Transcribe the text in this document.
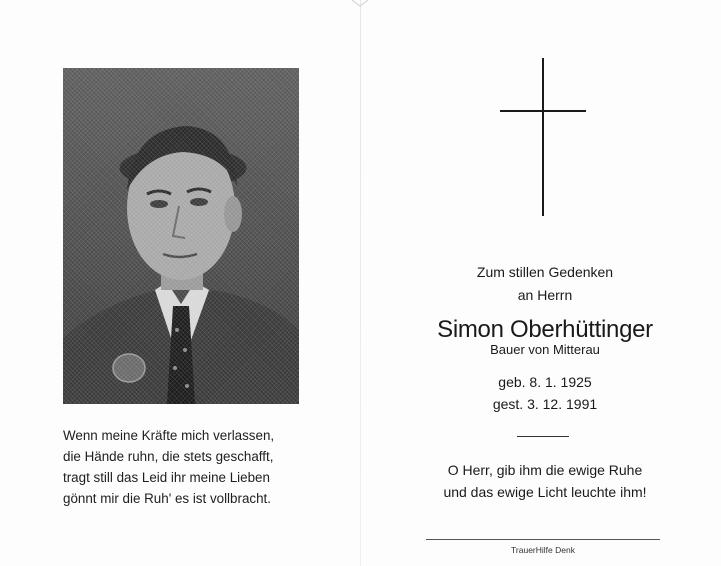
Wenn meine Kräfte mich verlassen,
die Hände ruhn, die stets geschafft,
tragt still das Leid ihr meine Lieben
gönnt mir die Ruh' es ist vollbracht.
Zum stillen Gedenken
an Herrn
Simon Oberhüttinger
Bauer von Mitterau
geb. 8. 1. 1925
gest. 3. 12. 1991
O Herr, gib ihm die ewige Ruhe
und das ewige Licht leuchte ihm!
TrauerHilfe Denk
